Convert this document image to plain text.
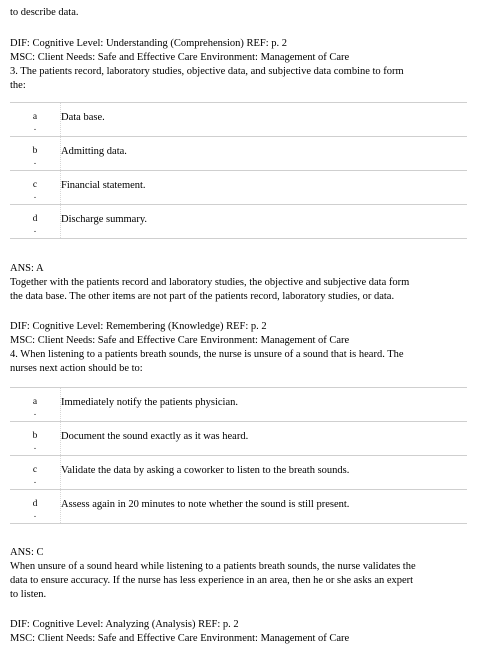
to describe data.
DIF: Cognitive Level: Understanding (Comprehension) REF: p. 2
MSC: Client Needs: Safe and Effective Care Environment: Management of Care
3. The patients record, laboratory studies, objective data, and subjective data combine to form
the:
a
.	Data base.

b
.	Admitting data.

c
.	Financial statement.

d
.	Discharge summary.
ANS: A
Together with the patients record and laboratory studies, the objective and subjective data form
the data base. The other items are not part of the patients record, laboratory studies, or data.
DIF: Cognitive Level: Remembering (Knowledge) REF: p. 2
MSC: Client Needs: Safe and Effective Care Environment: Management of Care
4. When listening to a patients breath sounds, the nurse is unsure of a sound that is heard. The
nurses next action should be to:
a
.	Immediately notify the patients physician.

b
.	Document the sound exactly as it was heard.

c
.	Validate the data by asking a coworker to listen to the breath sounds.

d
.	Assess again in 20 minutes to note whether the sound is still present.
ANS: C
When unsure of a sound heard while listening to a patients breath sounds, the nurse validates the
data to ensure accuracy. If the nurse has less experience in an area, then he or she asks an expert
to listen.
DIF: Cognitive Level: Analyzing (Analysis) REF: p. 2
MSC: Client Needs: Safe and Effective Care Environment: Management of Care
